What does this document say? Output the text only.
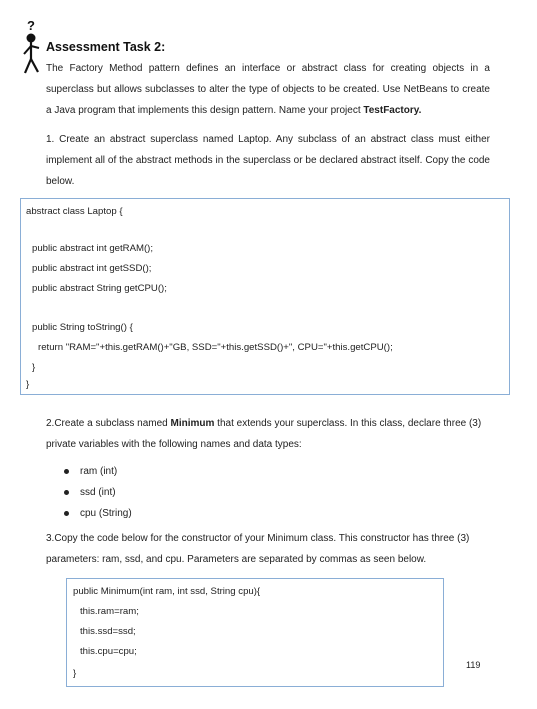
?
Assessment Task 2:
The Factory Method pattern defines an interface or abstract class for creating objects in a superclass but allows subclasses to alter the type of objects to be created. Use NetBeans to create a Java program that implements this design pattern. Name your project TestFactory.
1. Create an abstract superclass named Laptop. Any subclass of an abstract class must either implement all of the abstract methods in the superclass or be declared abstract itself. Copy the code below.
abstract class Laptop {
public abstract int getRAM();
public abstract int getSSD();
public abstract String getCPU();
public String toString() {
return "RAM="+this.getRAM()+"GB, SSD="+this.getSSD()+", CPU="+this.getCPU();
}
}
2.Create a subclass named Minimum that extends your superclass. In this class, declare three (3) private variables with the following names and data types:
ram (int)
ssd (int)
cpu (String)
3.Copy the code below for the constructor of your Minimum class. This constructor has three (3) parameters: ram, ssd, and cpu. Parameters are separated by commas as seen below.
public Minimum(int ram, int ssd, String cpu){
this.ram=ram;
this.ssd=ssd;
this.cpu=cpu;
}
119
